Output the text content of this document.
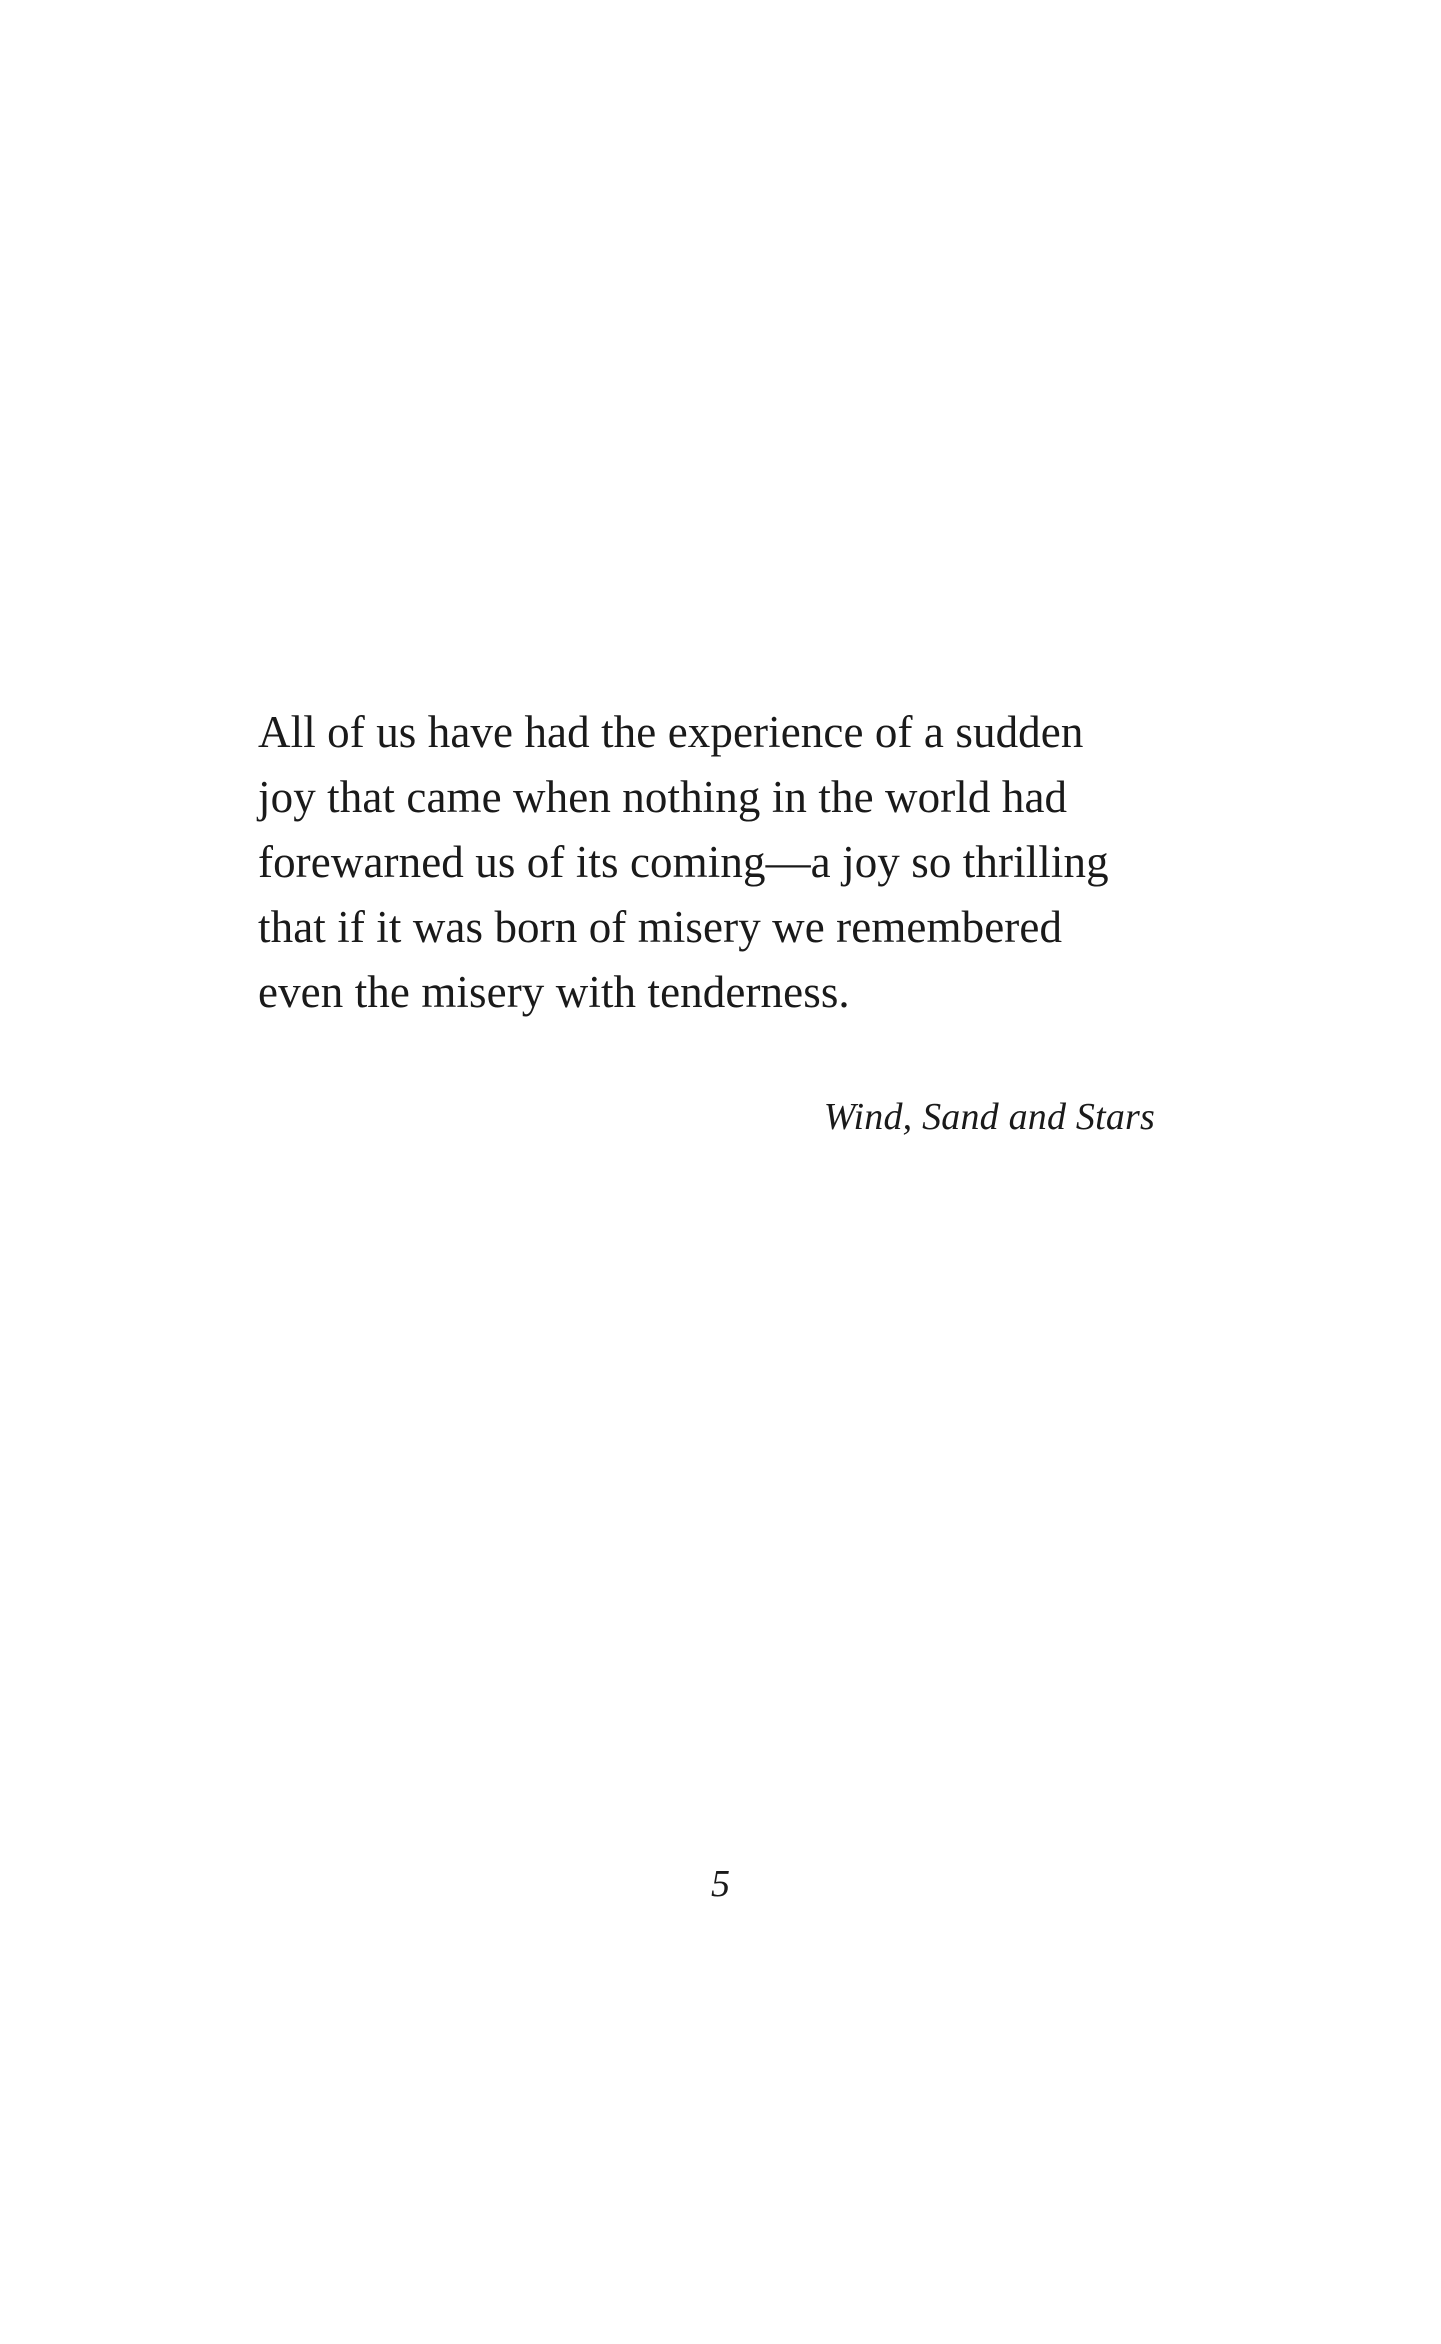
All of us have had the experience of a sudden
joy that came when nothing in the world had
forewarned us of its coming—a joy so thrilling
that if it was born of misery we remembered
even the misery with tenderness.

Wind, Sand and Stars
5
